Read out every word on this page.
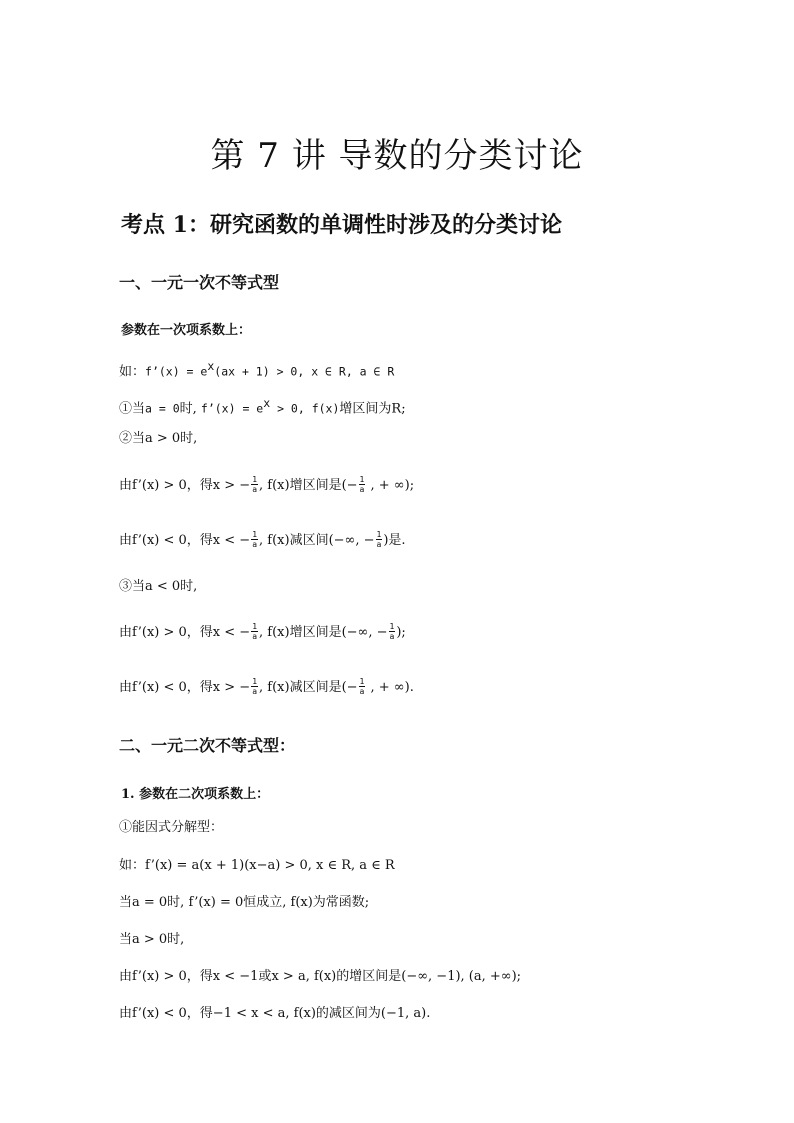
第 7 讲 导数的分类讨论
考点 1：研究函数的单调性时涉及的分类讨论
一、一元一次不等式型
参数在一次项系数上：
如：f’(x) = $e^x(ax + 1) > 0$, x ∈ R, a ∈ R
①当a = 0时, f’(x) = $e^x > 0$, f(x)增区间为R;
②当a > 0时,
由f’(x) > 0，得x > − $\frac{1}{a}$ , f(x)增区间是(− $\frac{1}{a}$ , + ∞);
由f’(x) < 0，得x < − $\frac{1}{a}$ , f(x)减区间(−∞, − $\frac{1}{a}$ )是.
③当a < 0时,
由f’(x) > 0，得x < − $\frac{1}{a}$ , f(x)增区间是(−∞, − $\frac{1}{a}$ );
由f’(x) < 0，得x > − $\frac{1}{a}$ , f(x)减区间是(− $\frac{1}{a}$ , + ∞).
二、一元二次不等式型：
1. 参数在二次项系数上：
①能因式分解型：
如：f’(x) = a(x + 1)(x−a) > 0, x ∈ R, a ∈ R
当a = 0时, f’(x) = 0恒成立, f(x)为常函数;
当a > 0时,
由f’(x) > 0，得x < −1或x > a, f(x)的增区间是(−∞, −1), (a, +∞);
由f’(x) < 0，得−1 < x < a, f(x)的减区间为(−1, a).
